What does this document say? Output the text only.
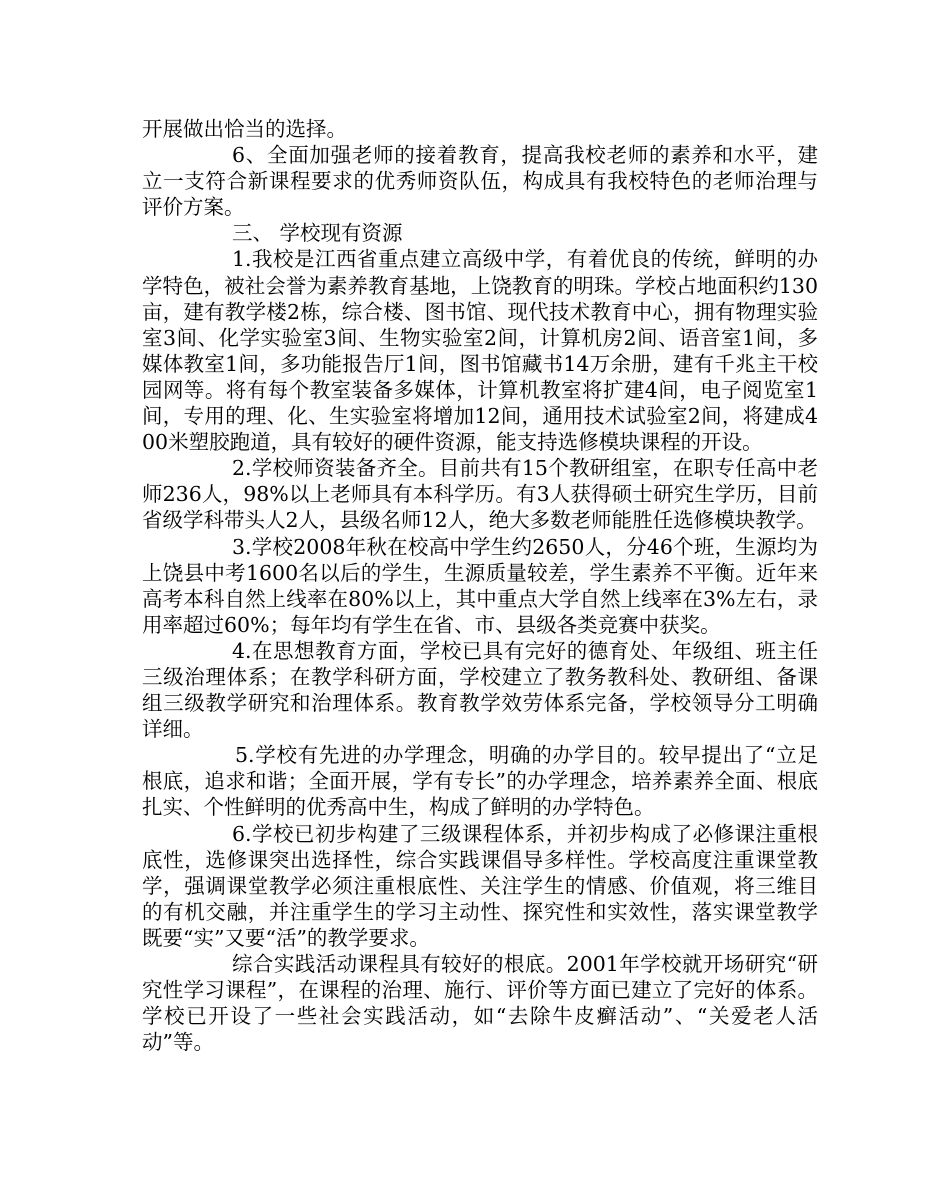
开展做出恰当的选择。

6、全面加强老师的接着教育，提高我校老师的素养和水平，建立一支符合新课程要求的优秀师资队伍，构成具有我校特色的老师治理与评价方案。

三、 学校现有资源

1.我校是江西省重点建立高级中学，有着优良的传统，鲜明的办学特色，被社会誉为素养教育基地，上饶教育的明珠。学校占地面积约130亩，建有教学楼2栋，综合楼、图书馆、现代技术教育中心，拥有物理实验室3间、化学实验室3间、生物实验室2间，计算机房2间、语音室1间，多媒体教室1间，多功能报告厅1间，图书馆藏书14万余册，建有千兆主干校园网等。将有每个教室装备多媒体，计算机教室将扩建4间，电子阅览室1间，专用的理、化、生实验室将增加12间，通用技术试验室2间，将建成400米塑胶跑道，具有较好的硬件资源，能支持选修模块课程的开设。

2.学校师资装备齐全。目前共有15个教研组室，在职专任高中老师236人，98%以上老师具有本科学历。有3人获得硕士研究生学历，目前省级学科带头人2人，县级名师12人，绝大多数老师能胜任选修模块教学。

3.学校2008年秋在校高中学生约2650人，分46个班，生源均为上饶县中考1600名以后的学生，生源质量较差，学生素养不平衡。近年来高考本科自然上线率在80%以上，其中重点大学自然上线率在3%左右，录用率超过60%；每年均有学生在省、市、县级各类竞赛中获奖。

4.在思想教育方面，学校已具有完好的德育处、年级组、班主任三级治理体系；在教学科研方面，学校建立了教务教科处、教研组、备课组三级教学研究和治理体系。教育教学效劳体系完备，学校领导分工明确详细。

5.学校有先进的办学理念，明确的办学目的。较早提出了“立足根底，追求和谐；全面开展，学有专长”的办学理念，培养素养全面、根底扎实、个性鲜明的优秀高中生，构成了鲜明的办学特色。

6.学校已初步构建了三级课程体系，并初步构成了必修课注重根底性，选修课突出选择性，综合实践课倡导多样性。学校高度注重课堂教学，强调课堂教学必须注重根底性、关注学生的情感、价值观，将三维目的有机交融，并注重学生的学习主动性、探究性和实效性，落实课堂教学既要“实”又要“活”的教学要求。

综合实践活动课程具有较好的根底。2001年学校就开场研究“研究性学习课程”，在课程的治理、施行、评价等方面已建立了完好的体系。学校已开设了一些社会实践活动，如“去除牛皮癣活动”、“关爱老人活动”等。
